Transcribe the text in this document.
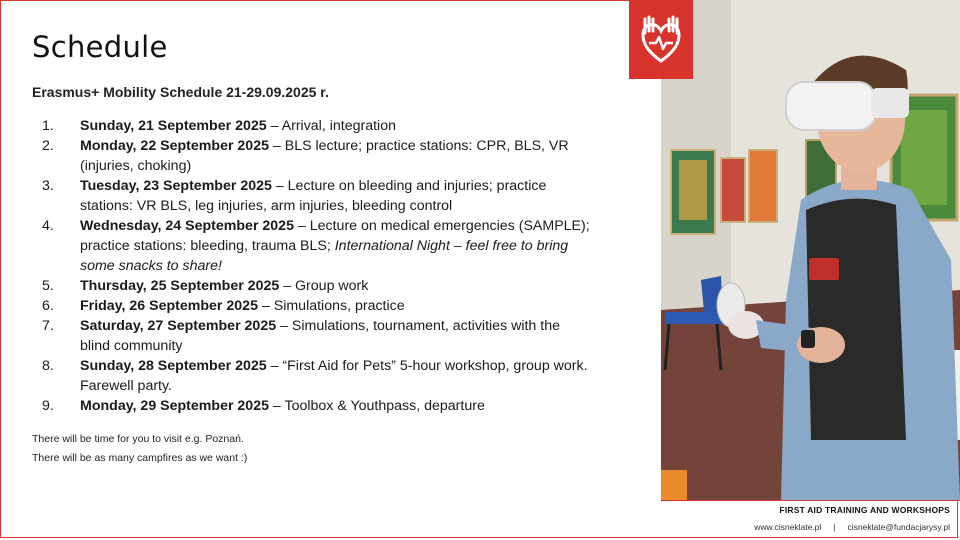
Schedule
Erasmus+ Mobility Schedule 21-29.09.2025 r.
1. Sunday, 21 September 2025 – Arrival, integration
2. Monday, 22 September 2025 – BLS lecture; practice stations: CPR, BLS, VR (injuries, choking)
3. Tuesday, 23 September 2025 – Lecture on bleeding and injuries; practice stations: VR BLS, leg injuries, arm injuries, bleeding control
4. Wednesday, 24 September 2025 – Lecture on medical emergencies (SAMPLE); practice stations: bleeding, trauma BLS; International Night – feel free to bring some snacks to share!
5. Thursday, 25 September 2025 – Group work
6. Friday, 26 September 2025 – Simulations, practice
7. Saturday, 27 September 2025 – Simulations, tournament, activities with the blind community
8. Sunday, 28 September 2025 – “First Aid for Pets” 5-hour workshop, group work. Farewell party.
9. Monday, 29 September 2025 – Toolbox & Youthpass, departure
There will be time for you to visit e.g. Poznań.
There will be as many campfires as we want :)
FIRST AID TRAINING AND WORKSHOPS
www.cisneklate.pl | cisneklate@fundacjarysy.pl
